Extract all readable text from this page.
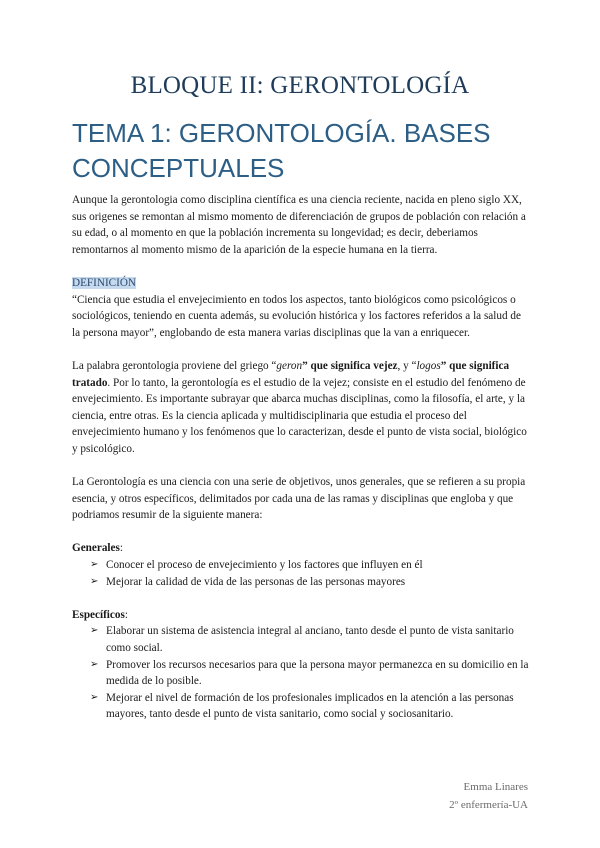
BLOQUE II: GERONTOLOGÍA
TEMA 1: GERONTOLOGÍA. BASES CONCEPTUALES

Aunque la gerontologia como disciplina científica es una ciencia reciente, nacida en pleno siglo XX, sus origenes se remontan al mismo momento de diferenciación de grupos de población con relación a su edad, o al momento en que la población incrementa su longevidad; es decir, deberiamos remontarnos al momento mismo de la aparición de la especie humana en la tierra.

DEFINICIÓN

“Ciencia que estudia el envejecimiento en todos los aspectos, tanto biológicos como psicológicos o sociológicos, teniendo en cuenta además, su evolución histórica y los factores referidos a la salud de la persona mayor”, englobando de esta manera varias disciplinas que la van a enriquecer.

La palabra gerontologia proviene del griego “geron” que significa vejez, y “logos” que significa tratado. Por lo tanto, la gerontología es el estudio de la vejez; consiste en el estudio del fenómeno de envejecimiento. Es importante subrayar que abarca muchas disciplinas, como la filosofía, el arte, y la ciencia, entre otras. Es la ciencia aplicada y multidisciplinaria que estudia el proceso del envejecimiento humano y los fenómenos que lo caracterizan, desde el punto de vista social, biológico y psicológico.

La Gerontología es una ciencia con una serie de objetivos, unos generales, que se refieren a su propia esencia, y otros específicos, delimitados por cada una de las ramas y disciplinas que engloba y que podriamos resumir de la siguiente manera:

Generales:

➢ Conocer el proceso de envejecimiento y los factores que influyen en él
➢ Mejorar la calidad de vida de las personas de las personas mayores

Específicos:

➢ Elaborar un sistema de asistencia integral al anciano, tanto desde el punto de vista sanitario como social.
➢ Promover los recursos necesarios para que la persona mayor permanezca en su domicilio en la medida de lo posible.
➢ Mejorar el nivel de formación de los profesionales implicados en la atención a las personas mayores, tanto desde el punto de vista sanitario, como social y sociosanitario.
Emma Linares
2º enfermería-UA
